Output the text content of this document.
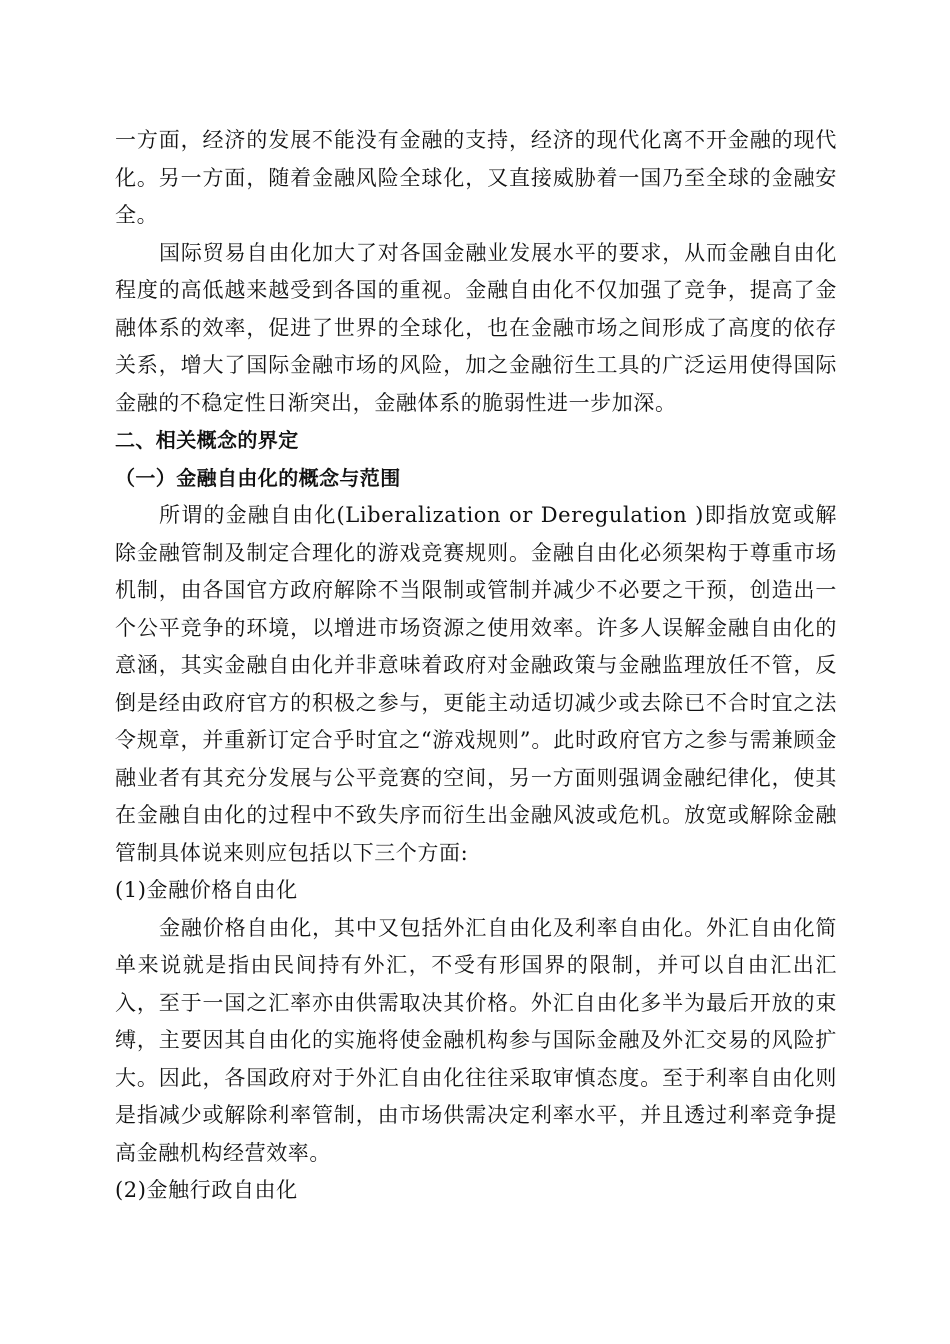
一方面，经济的发展不能没有金融的支持，经济的现代化离不开金融的现代化。另一方面，随着金融风险全球化，又直接威胁着一国乃至全球的金融安全。

国际贸易自由化加大了对各国金融业发展水平的要求，从而金融自由化程度的高低越来越受到各国的重视。金融自由化不仅加强了竞争，提高了金融体系的效率，促进了世界的全球化，也在金融市场之间形成了高度的依存关系，增大了国际金融市场的风险，加之金融衍生工具的广泛运用使得国际金融的不稳定性日渐突出，金融体系的脆弱性进一步加深。

二、相关概念的界定

（一）金融自由化的概念与范围

所谓的金融自由化(Liberalization or Deregulation )即指放宽或解除金融管制及制定合理化的游戏竞赛规则。金融自由化必须架构于尊重市场机制，由各国官方政府解除不当限制或管制并减少不必要之干预，创造出一个公平竞争的环境，以增进市场资源之使用效率。许多人误解金融自由化的意涵，其实金融自由化并非意味着政府对金融政策与金融监理放任不管，反倒是经由政府官方的积极之参与，更能主动适切减少或去除已不合时宜之法令规章，并重新订定合乎时宜之“游戏规则”。此时政府官方之参与需兼顾金融业者有其充分发展与公平竞赛的空间，另一方面则强调金融纪律化，使其在金融自由化的过程中不致失序而衍生出金融风波或危机。放宽或解除金融管制具体说来则应包括以下三个方面:

(1)金融价格自由化

金融价格自由化，其中又包括外汇自由化及利率自由化。外汇自由化简单来说就是指由民间持有外汇，不受有形国界的限制，并可以自由汇出汇入，至于一国之汇率亦由供需取决其价格。外汇自由化多半为最后开放的束缚，主要因其自由化的实施将使金融机构参与国际金融及外汇交易的风险扩大。因此，各国政府对于外汇自由化往往采取审慎态度。至于利率自由化则是指减少或解除利率管制，由市场供需决定利率水平，并且透过利率竞争提高金融机构经营效率。

(2)金触行政自由化
